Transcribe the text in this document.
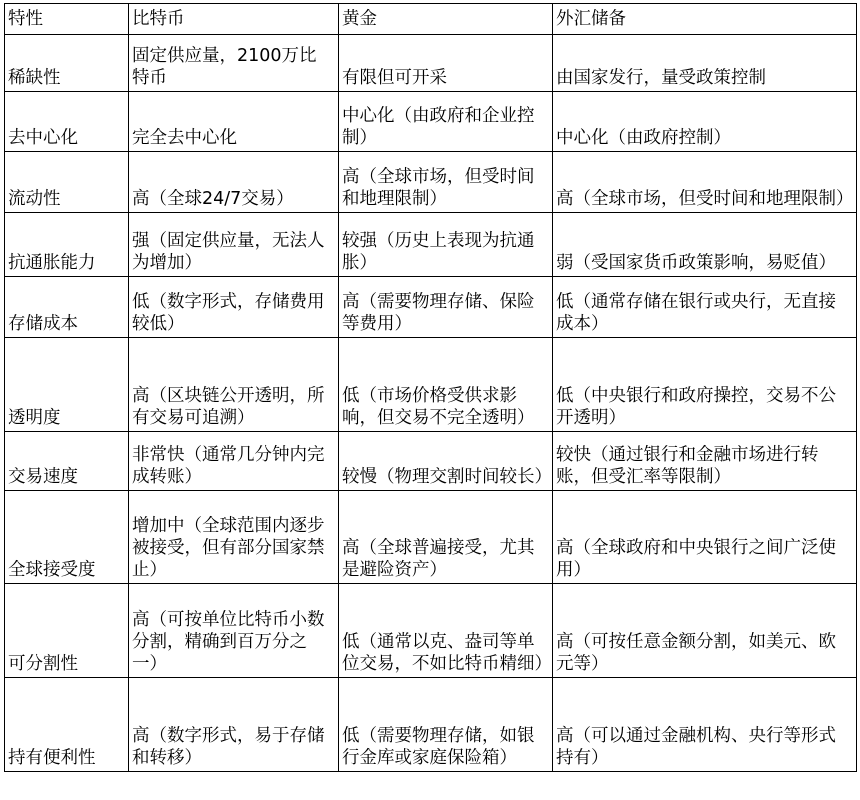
特性	比特币	黄金	外汇储备
稀缺性	固定供应量，2100万比特币	有限但可开采	由国家发行，量受政策控制
去中心化	完全去中心化	中心化（由政府和企业控制）	中心化（由政府控制）
流动性	高（全球24/7交易）	高（全球市场，但受时间和地理限制）	高（全球市场，但受时间和地理限制）
抗通胀能力	强（固定供应量，无法人为增加）	较强（历史上表现为抗通胀）	弱（受国家货币政策影响，易贬值）
存储成本	低（数字形式，存储费用较低）	高（需要物理存储、保险等费用）	低（通常存储在银行或央行，无直接成本）
透明度	高（区块链公开透明，所有交易可追溯）	低（市场价格受供求影响，但交易不完全透明）	低（中央银行和政府操控，交易不公开透明）
交易速度	非常快（通常几分钟内完成转账）	较慢（物理交割时间较长）	较快（通过银行和金融市场进行转账，但受汇率等限制）
全球接受度	增加中（全球范围内逐步被接受，但有部分国家禁止）	高（全球普遍接受，尤其是避险资产）	高（全球政府和中央银行之间广泛使用）
可分割性	高（可按单位比特币小数分割，精确到百万分之一）	低（通常以克、盎司等单位交易，不如比特币精细）	高（可按任意金额分割，如美元、欧元等）
持有便利性	高（数字形式，易于存储和转移）	低（需要物理存储，如银行金库或家庭保险箱）	高（可以通过金融机构、央行等形式持有）
